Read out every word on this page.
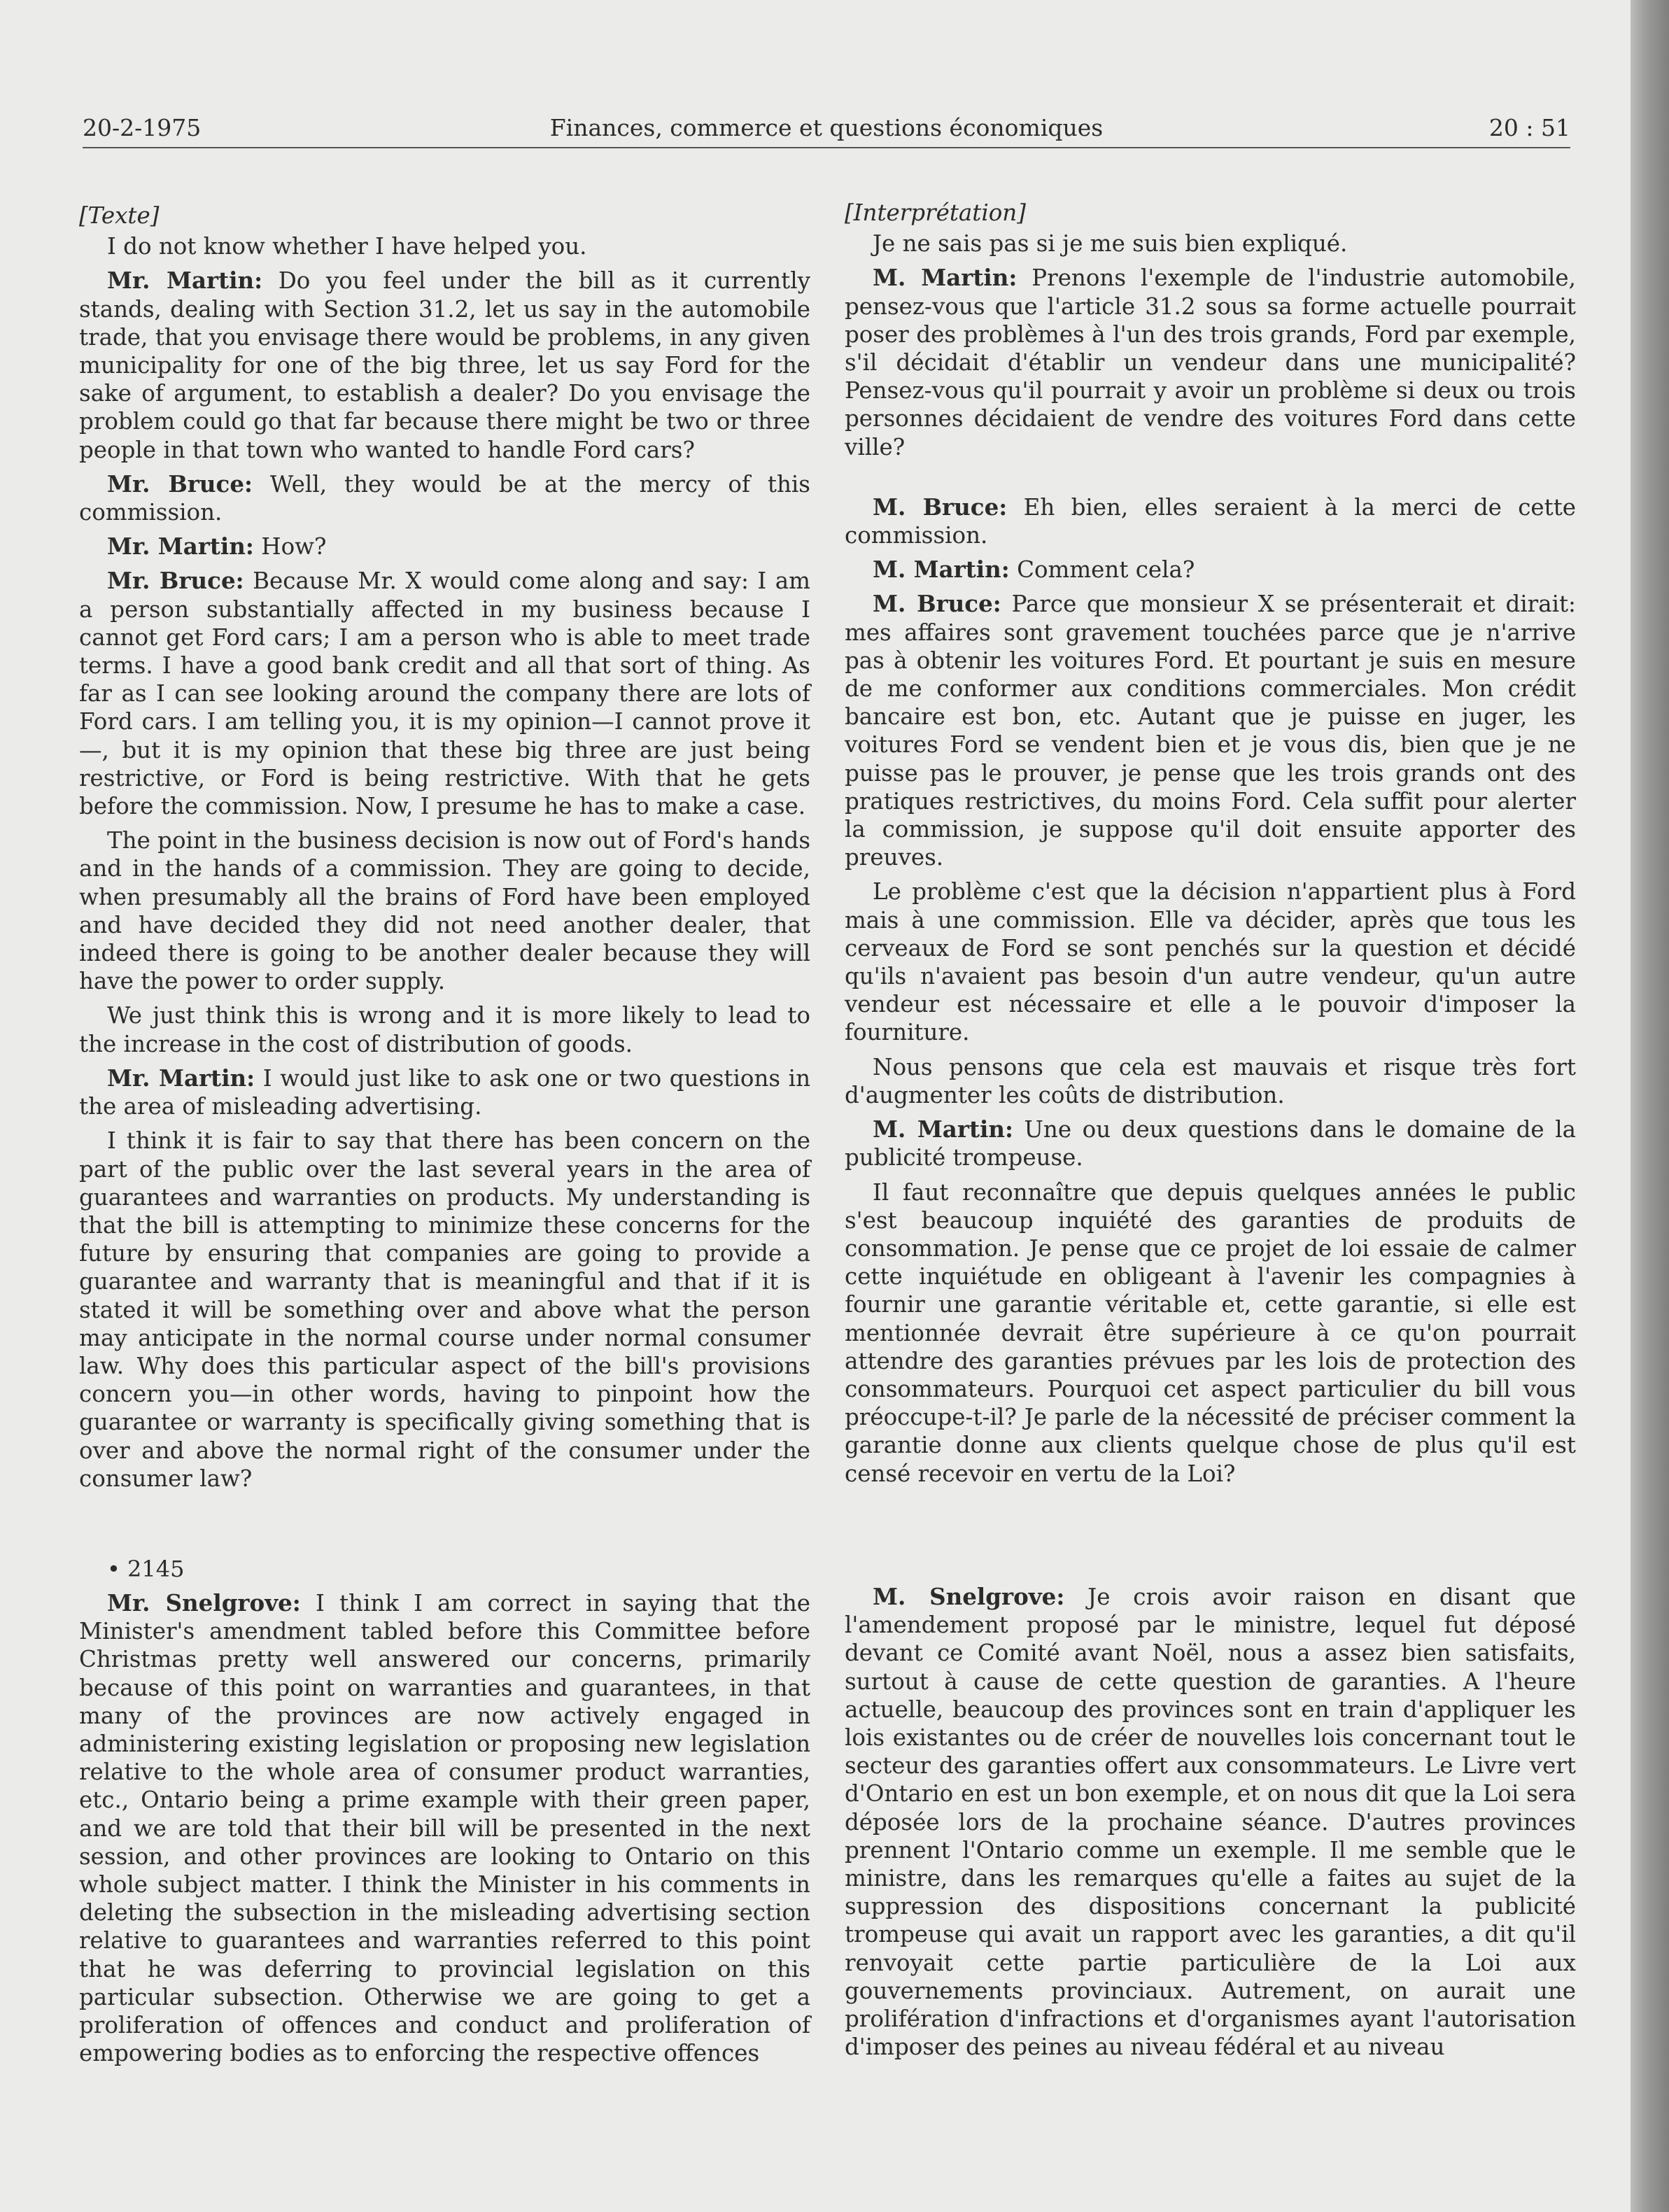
20-2-1975	Finances, commerce et questions économiques	20 : 51

[Texte]

I do not know whether I have helped you.

Mr. Martin: Do you feel under the bill as it currently stands, dealing with Section 31.2, let us say in the automobile trade, that you envisage there would be problems, in any given municipality for one of the big three, let us say Ford for the sake of argument, to establish a dealer? Do you envisage the problem could go that far because there might be two or three people in that town who wanted to handle Ford cars?

Mr. Bruce: Well, they would be at the mercy of this commission.

Mr. Martin: How?

Mr. Bruce: Because Mr. X would come along and say: I am a person substantially affected in my business because I cannot get Ford cars; I am a person who is able to meet trade terms. I have a good bank credit and all that sort of thing. As far as I can see looking around the company there are lots of Ford cars. I am telling you, it is my opinion—I cannot prove it—, but it is my opinion that these big three are just being restrictive, or Ford is being restrictive. With that he gets before the commission. Now, I presume he has to make a case.

The point in the business decision is now out of Ford's hands and in the hands of a commission. They are going to decide, when presumably all the brains of Ford have been employed and have decided they did not need another dealer, that indeed there is going to be another dealer because they will have the power to order supply.

We just think this is wrong and it is more likely to lead to the increase in the cost of distribution of goods.

Mr. Martin: I would just like to ask one or two questions in the area of misleading advertising.

I think it is fair to say that there has been concern on the part of the public over the last several years in the area of guarantees and warranties on products. My understanding is that the bill is attempting to minimize these concerns for the future by ensuring that companies are going to provide a guarantee and warranty that is meaningful and that if it is stated it will be something over and above what the person may anticipate in the normal course under normal consumer law. Why does this particular aspect of the bill's provisions concern you—in other words, having to pinpoint how the guarantee or warranty is specifically giving something that is over and above the normal right of the consumer under the consumer law?

[Interprétation]

Je ne sais pas si je me suis bien expliqué.

M. Martin: Prenons l'exemple de l'industrie automobile, pensez-vous que l'article 31.2 sous sa forme actuelle pourrait poser des problèmes à l'un des trois grands, Ford par exemple, s'il décidait d'établir un vendeur dans une municipalité? Pensez-vous qu'il pourrait y avoir un problème si deux ou trois personnes décidaient de vendre des voitures Ford dans cette ville?

M. Bruce: Eh bien, elles seraient à la merci de cette commission.

M. Martin: Comment cela?

M. Bruce: Parce que monsieur X se présenterait et dirait: mes affaires sont gravement touchées parce que je n'arrive pas à obtenir les voitures Ford. Et pourtant je suis en mesure de me conformer aux conditions commerciales. Mon crédit bancaire est bon, etc. Autant que je puisse en juger, les voitures Ford se vendent bien et je vous dis, bien que je ne puisse pas le prouver, je pense que les trois grands ont des pratiques restrictives, du moins Ford. Cela suffit pour alerter la commission, je suppose qu'il doit ensuite apporter des preuves.

Le problème c'est que la décision n'appartient plus à Ford mais à une commission. Elle va décider, après que tous les cerveaux de Ford se sont penchés sur la question et décidé qu'ils n'avaient pas besoin d'un autre vendeur, qu'un autre vendeur est nécessaire et elle a le pouvoir d'imposer la fourniture.

Nous pensons que cela est mauvais et risque très fort d'augmenter les coûts de distribution.

M. Martin: Une ou deux questions dans le domaine de la publicité trompeuse.

Il faut reconnaître que depuis quelques années le public s'est beaucoup inquiété des garanties de produits de consommation. Je pense que ce projet de loi essaie de calmer cette inquiétude en obligeant à l'avenir les compagnies à fournir une garantie véritable et, cette garantie, si elle est mentionnée devrait être supérieure à ce qu'on pourrait attendre des garanties prévues par les lois de protection des consommateurs. Pourquoi cet aspect particulier du bill vous préoccupe-t-il? Je parle de la nécessité de préciser comment la garantie donne aux clients quelque chose de plus qu'il est censé recevoir en vertu de la Loi?

• 2145

Mr. Snelgrove: I think I am correct in saying that the Minister's amendment tabled before this Committee before Christmas pretty well answered our concerns, primarily because of this point on warranties and guarantees, in that many of the provinces are now actively engaged in administering existing legislation or proposing new legislation relative to the whole area of consumer product warranties, etc., Ontario being a prime example with their green paper, and we are told that their bill will be presented in the next session, and other provinces are looking to Ontario on this whole subject matter. I think the Minister in his comments in deleting the subsection in the misleading advertising section relative to guarantees and warranties referred to this point that he was deferring to provincial legislation on this particular subsection. Otherwise we are going to get a proliferation of offences and conduct and proliferation of empowering bodies as to enforcing the respective offences

M. Snelgrove: Je crois avoir raison en disant que l'amendement proposé par le ministre, lequel fut déposé devant ce Comité avant Noël, nous a assez bien satisfaits, surtout à cause de cette question de garanties. A l'heure actuelle, beaucoup des provinces sont en train d'appliquer les lois existantes ou de créer de nouvelles lois concernant tout le secteur des garanties offert aux consommateurs. Le Livre vert d'Ontario en est un bon exemple, et on nous dit que la Loi sera déposée lors de la prochaine séance. D'autres provinces prennent l'Ontario comme un exemple. Il me semble que le ministre, dans les remarques qu'elle a faites au sujet de la suppression des dispositions concernant la publicité trompeuse qui avait un rapport avec les garanties, a dit qu'il renvoyait cette partie particulière de la Loi aux gouvernements provinciaux. Autrement, on aurait une prolifération d'infractions et d'organismes ayant l'autorisation d'imposer des peines au niveau fédéral et au niveau
